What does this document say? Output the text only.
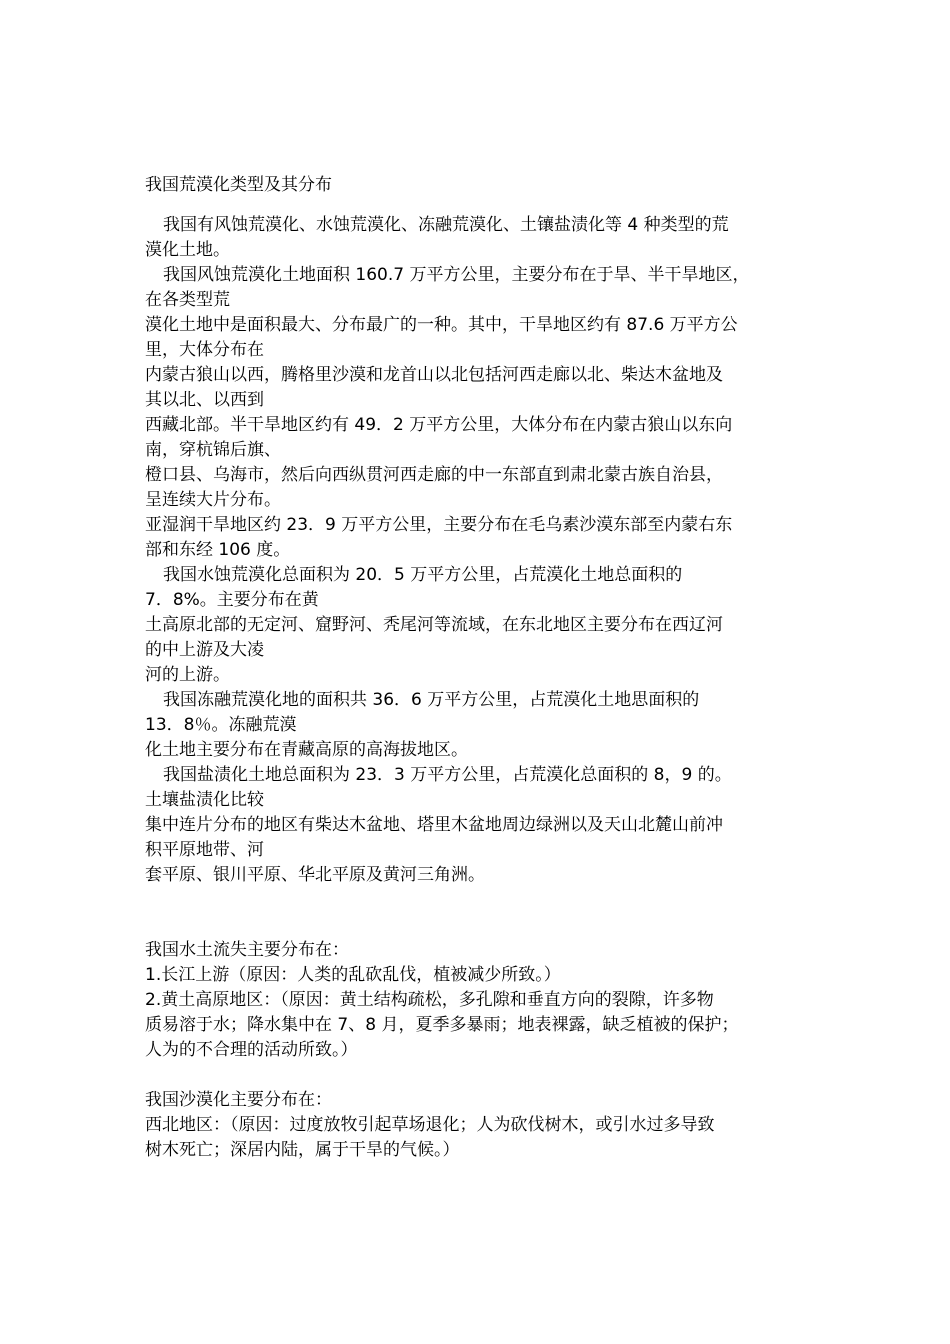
我国荒漠化类型及其分布
我国有风蚀荒漠化、水蚀荒漠化、冻融荒漠化、土镶盐渍化等 4 种类型的荒
漠化土地。
我国风蚀荒漠化土地面积 160.7 万平方公里，主要分布在于旱、半干旱地区，
在各类型荒
漠化土地中是面积最大、分布最广的一种。其中，干旱地区约有 87.6 万平方公
里，大体分布在
内蒙古狼山以西，腾格里沙漠和龙首山以北包括河西走廊以北、柴达木盆地及
其以北、以西到
西藏北部。半干旱地区约有 49．2 万平方公里，大体分布在内蒙古狼山以东向
南，穿杭锦后旗、
橙口县、乌海市，然后向西纵贯河西走廊的中一东部直到肃北蒙古族自治县，
呈连续大片分布。
亚湿润干旱地区约 23．9 万平方公里，主要分布在毛乌素沙漠东部至内蒙右东
部和东经 106 度。
我国水蚀荒漠化总面积为 20．5 万平方公里，占荒漠化土地总面积的
7．8%。主要分布在黄
土高原北部的无定河、窟野河、秃尾河等流域，在东北地区主要分布在西辽河
的中上游及大凌
河的上游。
我国冻融荒漠化地的面积共 36．6 万平方公里，占荒漠化土地思面积的
13．8％。冻融荒漠
化土地主要分布在青藏高原的高海拔地区。
我国盐渍化土地总面积为 23．3 万平方公里，占荒漠化总面积的 8，9 的。
土壤盐渍化比较
集中连片分布的地区有柴达木盆地、塔里木盆地周边绿洲以及天山北麓山前冲
积平原地带、河
套平原、银川平原、华北平原及黄河三角洲。
我国水土流失主要分布在：
1.长江上游（原因：人类的乱砍乱伐，植被减少所致。）
2.黄土高原地区：（原因：黄土结构疏松，多孔隙和垂直方向的裂隙，许多物
质易溶于水；降水集中在 7、8 月，夏季多暴雨；地表裸露，缺乏植被的保护；
人为的不合理的活动所致。）
我国沙漠化主要分布在：
西北地区：（原因：过度放牧引起草场退化；人为砍伐树木，或引水过多导致
树木死亡；深居内陆，属于干旱的气候。）
